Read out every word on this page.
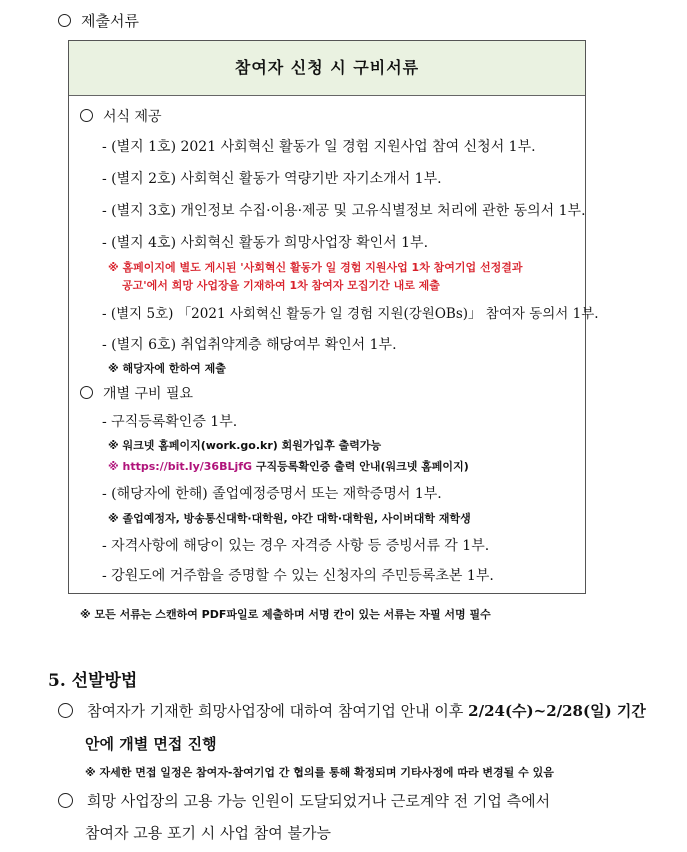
제출서류
참여자 신청 시 구비서류
서식 제공
- (별지 1호) 2021 사회혁신 활동가 일 경험 지원사업 참여 신청서 1부.
- (별지 2호) 사회혁신 활동가 역량기반 자기소개서 1부.
- (별지 3호) 개인정보 수집·이용·제공 및 고유식별정보 처리에 관한 동의서 1부.
- (별지 4호) 사회혁신 활동가 희망사업장 확인서 1부.
※ 홈페이지에 별도 게시된 '사회혁신 활동가 일 경험 지원사업 1차 참여기업 선정결과
공고'에서 희망 사업장을 기재하여 1차 참여자 모집기간 내로 제출
- (별지 5호) 「2021 사회혁신 활동가 일 경험 지원(강원OBs)」 참여자 동의서 1부.
- (별지 6호) 취업취약계층 해당여부 확인서 1부.
※ 해당자에 한하여 제출
개별 구비 필요
- 구직등록확인증 1부.
※ 워크넷 홈페이지(work.go.kr) 회원가입후 출력가능
※ https://bit.ly/36BLjfG 구직등록확인증 출력 안내(워크넷 홈페이지)
- (해당자에 한해) 졸업예정증명서 또는 재학증명서 1부.
※ 졸업예정자, 방송통신대학·대학원, 야간 대학·대학원, 사이버대학 재학생
- 자격사항에 해당이 있는 경우 자격증 사항 등 증빙서류 각 1부.
- 강원도에 거주함을 증명할 수 있는 신청자의 주민등록초본 1부.
※ 모든 서류는 스캔하여 PDF파일로 제출하며 서명 칸이 있는 서류는 자필 서명 필수
5. 선발방법
참여자가 기재한 희망사업장에 대하여 참여기업 안내 이후 2/24(수)~2/28(일) 기간
안에 개별 면접 진행
※ 자세한 면접 일정은 참여자-참여기업 간 협의를 통해 확정되며 기타사정에 따라 변경될 수 있음
희망 사업장의 고용 가능 인원이 도달되었거나 근로계약 전 기업 측에서
참여자 고용 포기 시 사업 참여 불가능
